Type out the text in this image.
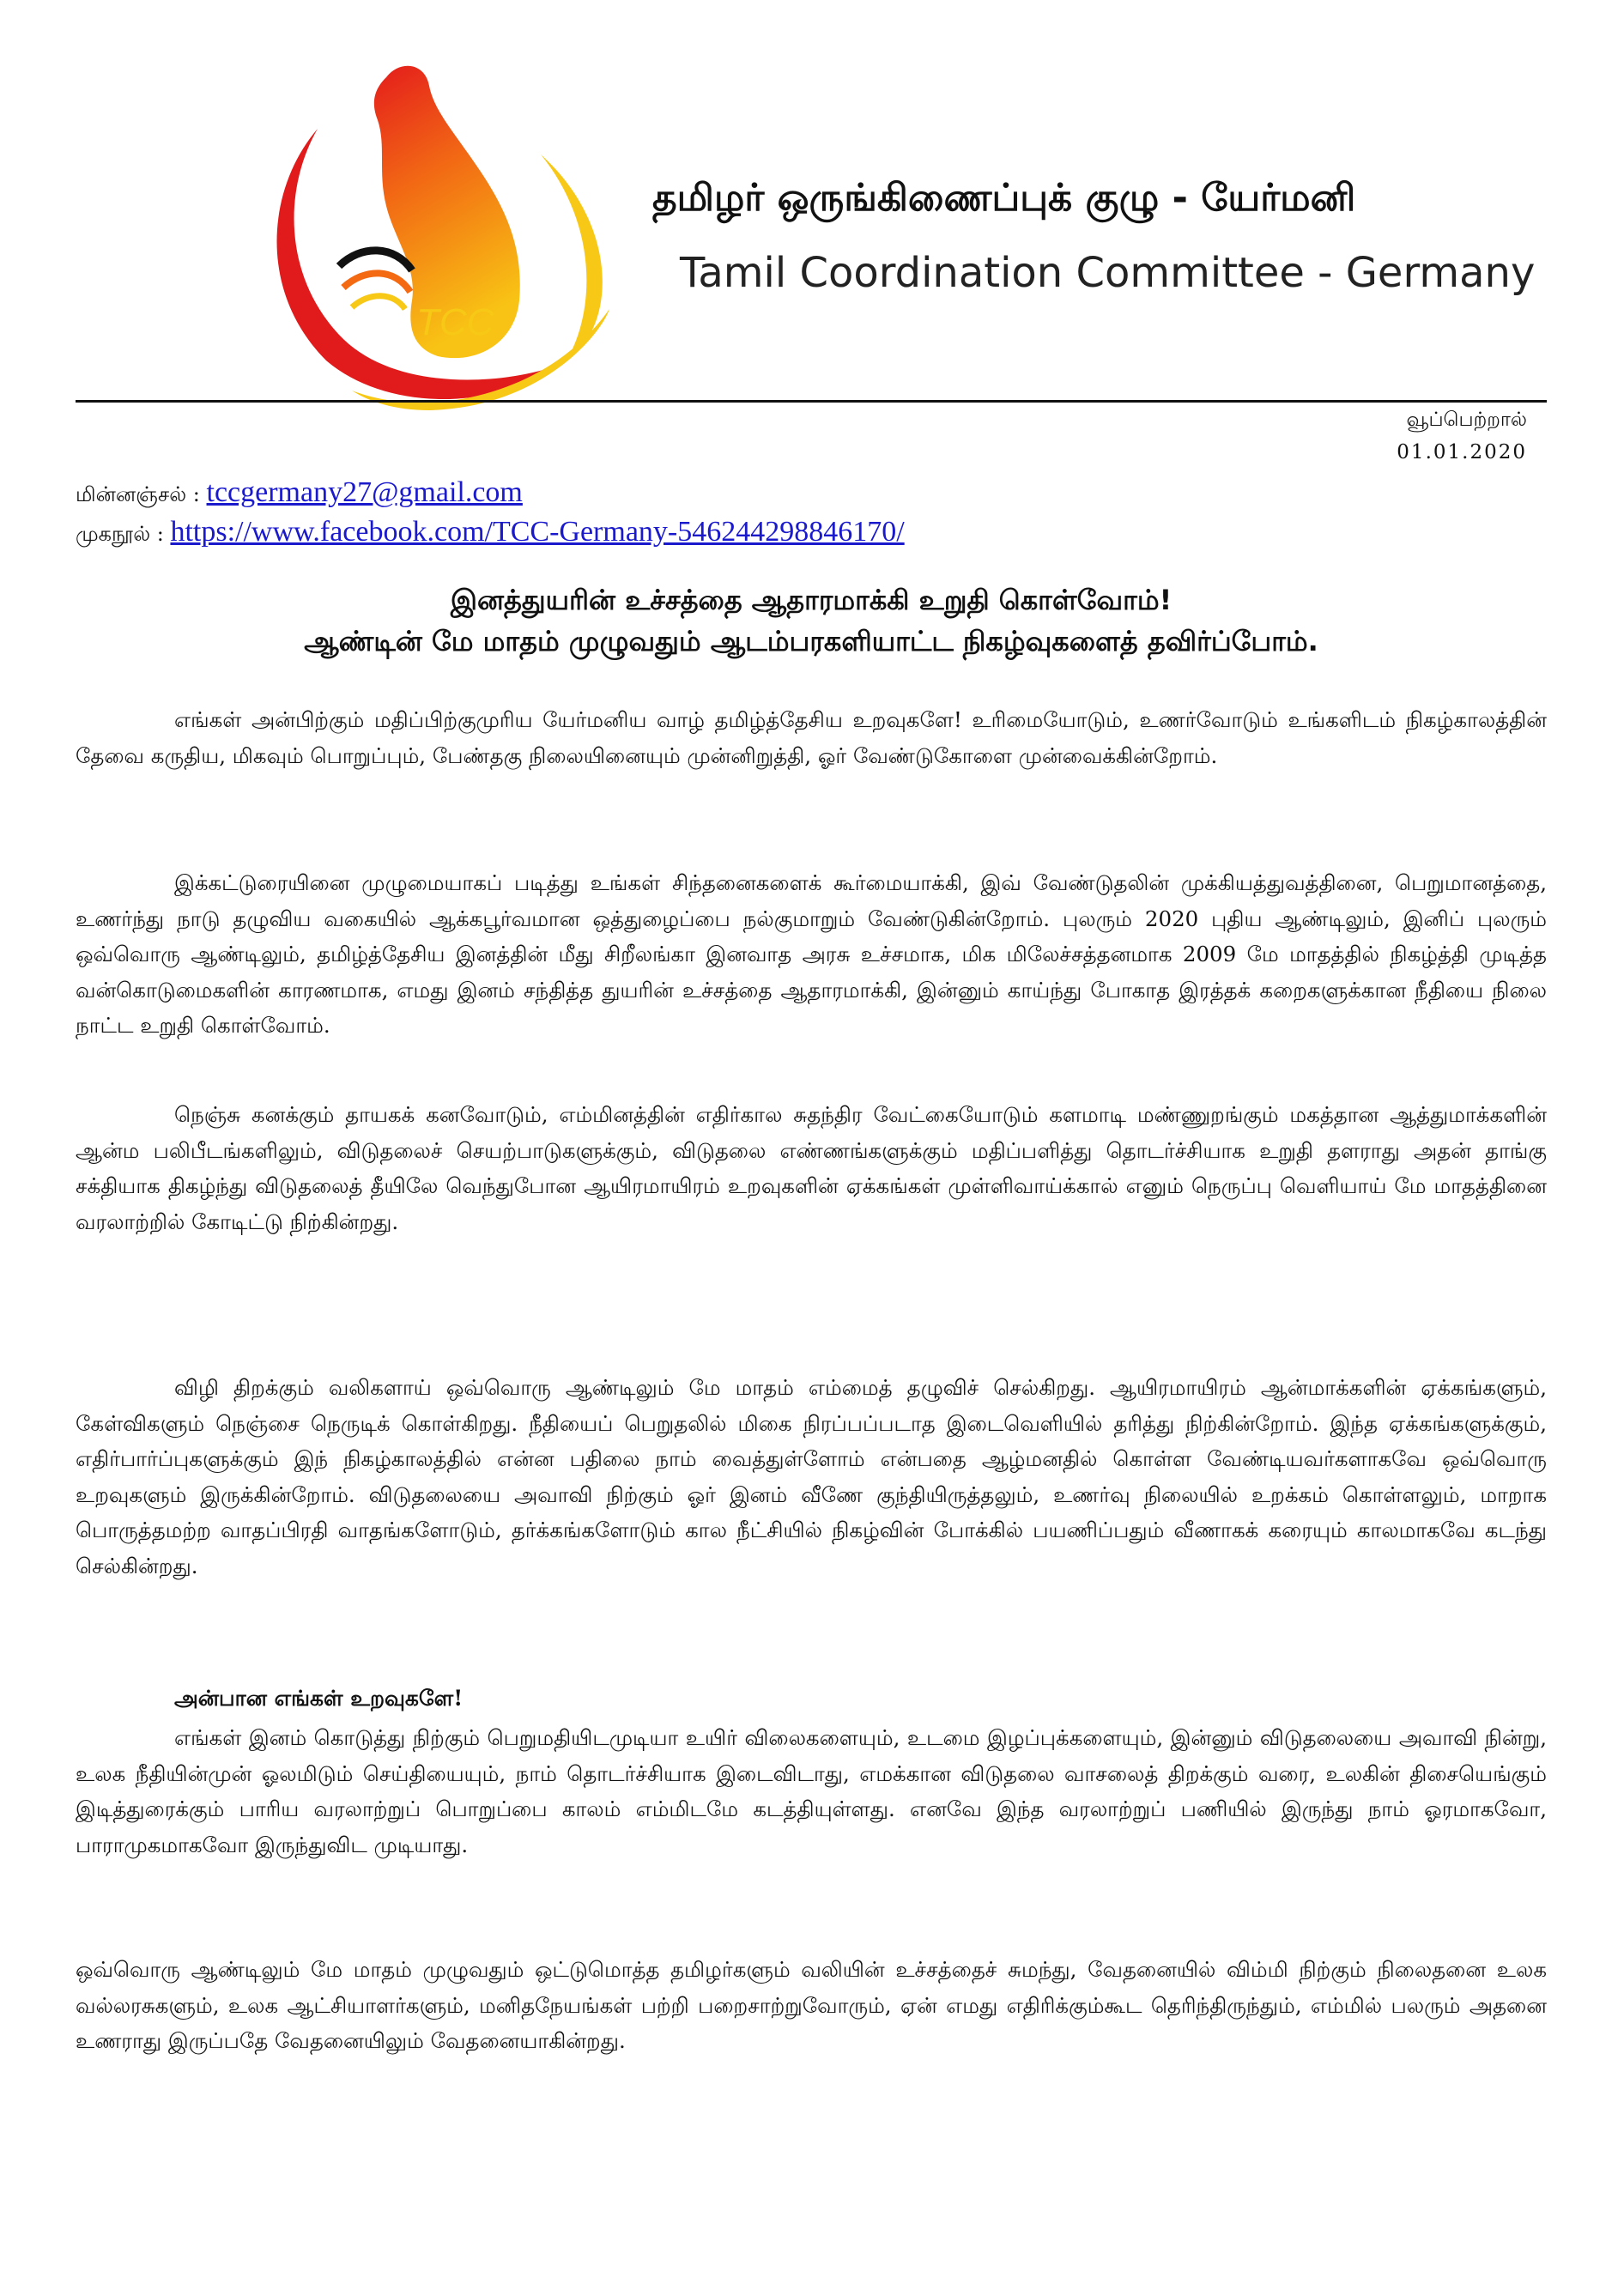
TCC
தமிழர் ஒருங்கிணைப்புக் குழு - யேர்மனி
Tamil Coordination Committee - Germany
வூப்பெற்றால்
01.01.2020
மின்னஞ்சல் : tccgermany27@gmail.com
முகநூல் : https://www.facebook.com/TCC-Germany-546244298846170/
இனத்துயரின் உச்சத்தை ஆதாரமாக்கி உறுதி கொள்வோம்!
ஆண்டின் மே மாதம் முழுவதும் ஆடம்பரகளியாட்ட நிகழ்வுகளைத் தவிர்ப்போம்.

எங்கள் அன்பிற்கும் மதிப்பிற்குமுரிய யேர்மனிய வாழ் தமிழ்த்தேசிய உறவுகளே! உரிமையோடும், உணர்வோடும் உங்களிடம் நிகழ்காலத்தின் தேவை கருதிய, மிகவும் பொறுப்பும், பேண்தகு நிலையினையும் முன்னிறுத்தி, ஓர் வேண்டுகோளை முன்வைக்கின்றோம்.

இக்கட்டுரையினை முழுமையாகப் படித்து உங்கள் சிந்தனைகளைக் கூர்மையாக்கி, இவ் வேண்டுதலின் முக்கியத்துவத்தினை, பெறுமானத்தை, உணர்ந்து நாடு தழுவிய வகையில் ஆக்கபூர்வமான ஒத்துழைப்பை நல்குமாறும் வேண்டுகின்றோம். புலரும் 2020 புதிய ஆண்டிலும், இனிப் புலரும் ஒவ்வொரு ஆண்டிலும், தமிழ்த்தேசிய இனத்தின் மீது சிறீலங்கா இனவாத அரசு உச்சமாக, மிக மிலேச்சத்தனமாக 2009 மே மாதத்தில் நிகழ்த்தி முடித்த வன்கொடுமைகளின் காரணமாக, எமது இனம் சந்தித்த துயரின் உச்சத்தை ஆதாரமாக்கி, இன்னும் காய்ந்து போகாத இரத்தக் கறைகளுக்கான நீதியை நிலை நாட்ட உறுதி கொள்வோம்.

நெஞ்சு கனக்கும் தாயகக் கனவோடும், எம்மினத்தின் எதிர்கால சுதந்திர வேட்கையோடும் களமாடி மண்ணுறங்கும் மகத்தான ஆத்துமாக்களின் ஆன்ம பலிபீடங்களிலும், விடுதலைச் செயற்பாடுகளுக்கும், விடுதலை எண்ணங்களுக்கும் மதிப்பளித்து தொடர்ச்சியாக உறுதி தளராது அதன் தாங்கு சக்தியாக திகழ்ந்து விடுதலைத் தீயிலே வெந்துபோன ஆயிரமாயிரம் உறவுகளின் ஏக்கங்கள் முள்ளிவாய்க்கால் எனும் நெருப்பு வெளியாய் மே மாதத்தினை வரலாற்றில் கோடிட்டு நிற்கின்றது.

விழி திறக்கும் வலிகளாய் ஒவ்வொரு ஆண்டிலும் மே மாதம் எம்மைத் தழுவிச் செல்கிறது. ஆயிரமாயிரம் ஆன்மாக்களின் ஏக்கங்களும், கேள்விகளும் நெஞ்சை நெருடிக் கொள்கிறது. நீதியைப் பெறுதலில் மிகை நிரப்பப்படாத இடைவெளியில் தரித்து நிற்கின்றோம். இந்த ஏக்கங்களுக்கும், எதிர்பார்ப்புகளுக்கும் இந் நிகழ்காலத்தில் என்ன பதிலை நாம் வைத்துள்ளோம் என்பதை ஆழ்மனதில் கொள்ள வேண்டியவர்களாகவே ஒவ்வொரு உறவுகளும் இருக்கின்றோம். விடுதலையை அவாவி நிற்கும் ஓர் இனம் வீணே குந்தியிருத்தலும், உணர்வு நிலையில் உறக்கம் கொள்ளலும், மாறாக பொருத்தமற்ற வாதப்பிரதி வாதங்களோடும், தர்க்கங்களோடும் கால நீட்சியில் நிகழ்வின் போக்கில் பயணிப்பதும் வீணாகக் கரையும் காலமாகவே கடந்து செல்கின்றது.

அன்பான எங்கள் உறவுகளே!

எங்கள் இனம் கொடுத்து நிற்கும் பெறுமதியிடமுடியா உயிர் விலைகளையும், உடமை இழப்புக்களையும், இன்னும் விடுதலையை அவாவி நின்று, உலக நீதியின்முன் ஓலமிடும் செய்தியையும், நாம் தொடர்ச்சியாக இடைவிடாது, எமக்கான விடுதலை வாசலைத் திறக்கும் வரை, உலகின் திசையெங்கும் இடித்துரைக்கும் பாரிய வரலாற்றுப் பொறுப்பை காலம் எம்மிடமே கடத்தியுள்ளது. எனவே இந்த வரலாற்றுப் பணியில் இருந்து நாம் ஓரமாகவோ, பாராமுகமாகவோ இருந்துவிட முடியாது.

ஒவ்வொரு ஆண்டிலும் மே மாதம் முழுவதும் ஒட்டுமொத்த தமிழர்களும் வலியின் உச்சத்தைச் சுமந்து, வேதனையில் விம்மி நிற்கும் நிலைதனை உலக வல்லரசுகளும், உலக ஆட்சியாளர்களும், மனிதநேயங்கள் பற்றி பறைசாற்றுவோரும், ஏன் எமது எதிரிக்கும்கூட தெரிந்திருந்தும், எம்மில் பலரும் அதனை உணராது இருப்பதே வேதனையிலும் வேதனையாகின்றது.
